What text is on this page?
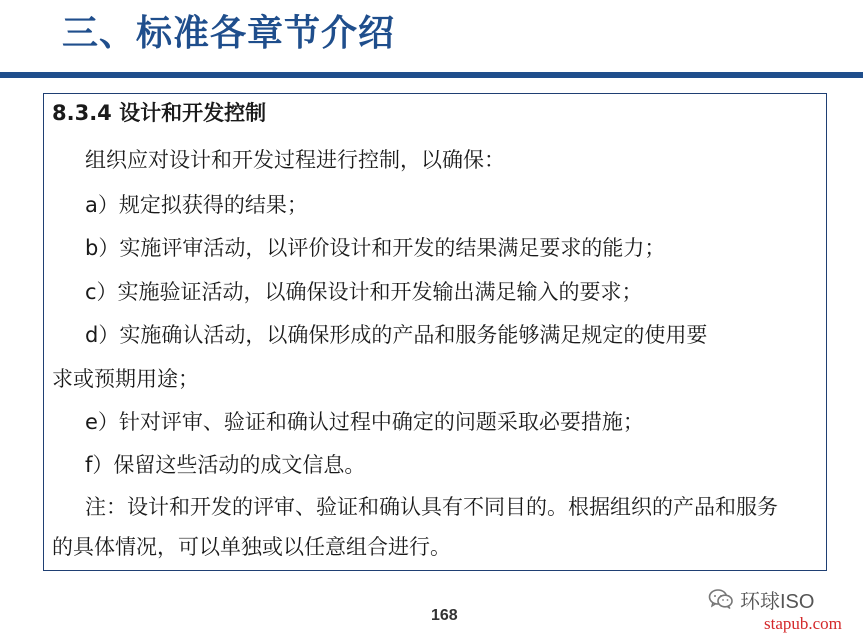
三、标准各章节介绍
8.3.4 设计和开发控制
组织应对设计和开发过程进行控制，以确保：
a）规定拟获得的结果；
b）实施评审活动，以评价设计和开发的结果满足要求的能力；
c）实施验证活动，以确保设计和开发输出满足输入的要求；
d）实施确认活动，以确保形成的产品和服务能够满足规定的使用要
求或预期用途；
e）针对评审、验证和确认过程中确定的问题采取必要措施；
f）保留这些活动的成文信息。
注：设计和开发的评审、验证和确认具有不同目的。根据组织的产品和服务
的具体情况，可以单独或以任意组合进行。
168
环球ISO
stapub.com
